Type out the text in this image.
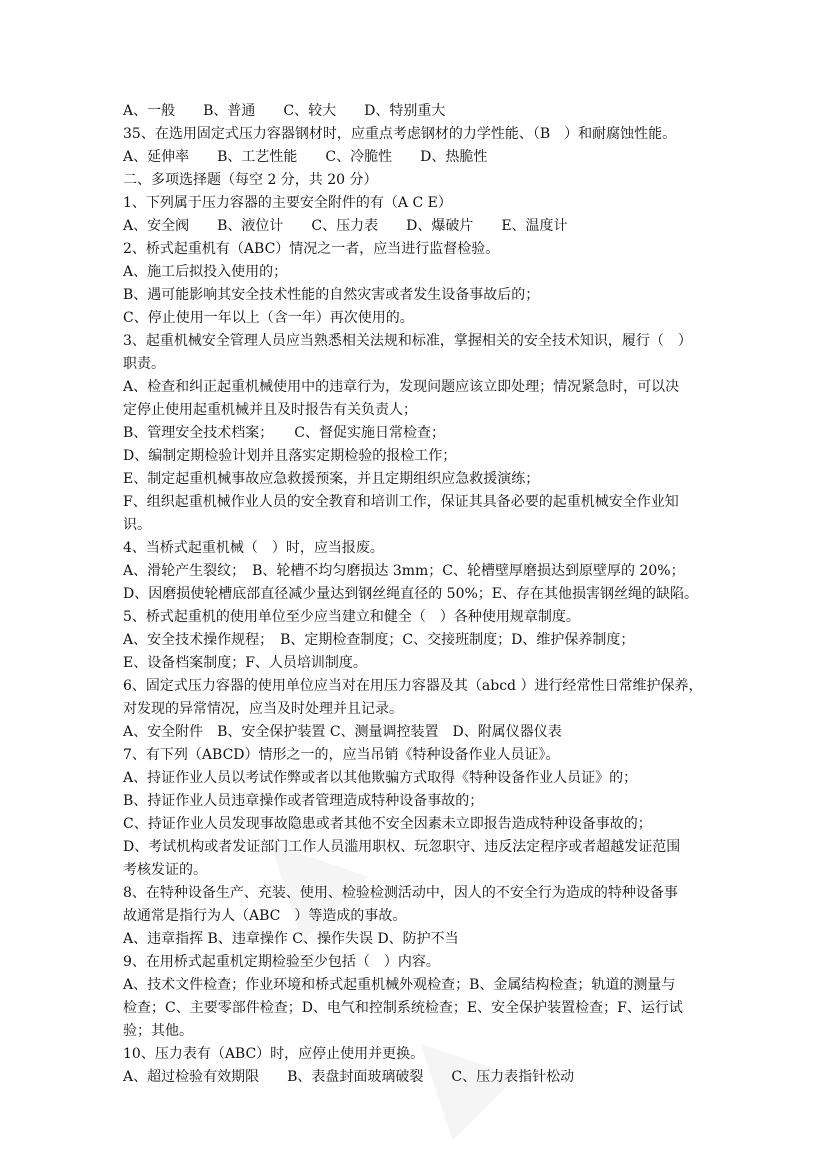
A、一般　　B、普通　　C、较大　　D、特别重大
35、在选用固定式压力容器钢材时，应重点考虑钢材的力学性能、（B　）和耐腐蚀性能。
A、延伸率　　B、工艺性能　　C、冷脆性　　D、热脆性
二、多项选择题（每空 2 分，共 20 分）
1、下列属于压力容器的主要安全附件的有（A C E）
A、安全阀　　B、液位计　　C、压力表　　D、爆破片　　E、温度计
2、桥式起重机有（ABC）情况之一者，应当进行监督检验。
A、施工后拟投入使用的；
B、遇可能影响其安全技术性能的自然灾害或者发生设备事故后的；
C、停止使用一年以上（含一年）再次使用的。
3、起重机械安全管理人员应当熟悉相关法规和标准，掌握相关的安全技术知识，履行（　）
职责。
A、检查和纠正起重机械使用中的违章行为，发现问题应该立即处理；情况紧急时，可以决
定停止使用起重机械并且及时报告有关负责人；
B、管理安全技术档案；　　C、督促实施日常检查；
D、编制定期检验计划并且落实定期检验的报检工作；
E、制定起重机械事故应急救援预案，并且定期组织应急救援演练；
F、组织起重机械作业人员的安全教育和培训工作，保证其具备必要的起重机械安全作业知
识。
4、当桥式起重机械（　）时，应当报废。
A、滑轮产生裂纹；　B、轮槽不均匀磨损达 3mm；C、轮槽壁厚磨损达到原壁厚的 20%；
D、因磨损使轮槽底部直径减少量达到钢丝绳直径的 50%；E、存在其他损害钢丝绳的缺陷。
5、桥式起重机的使用单位至少应当建立和健全（　）各种使用规章制度。
A、安全技术操作规程；　B、定期检查制度；C、交接班制度；D、维护保养制度；
E、设备档案制度；F、人员培训制度。
6、固定式压力容器的使用单位应当对在用压力容器及其（abcd ）进行经常性日常维护保养，
对发现的异常情况，应当及时处理并且记录。
A、安全附件　B、安全保护装置 C、测量调控装置　D、附属仪器仪表
7、有下列（ABCD）情形之一的，应当吊销《特种设备作业人员证》。
A、持证作业人员以考试作弊或者以其他欺骗方式取得《特种设备作业人员证》的；
B、持证作业人员违章操作或者管理造成特种设备事故的；
C、持证作业人员发现事故隐患或者其他不安全因素未立即报告造成特种设备事故的；
D、考试机构或者发证部门工作人员滥用职权、玩忽职守、违反法定程序或者超越发证范围
考核发证的。
8、在特种设备生产、充装、使用、检验检测活动中，因人的不安全行为造成的特种设备事
故通常是指行为人（ABC　）等造成的事故。
A、违章指挥 B、违章操作 C、操作失误 D、防护不当
9、在用桥式起重机定期检验至少包括（　）内容。
A、技术文件检查；作业环境和桥式起重机械外观检查；B、金属结构检查；轨道的测量与
检查；C、主要零部件检查；D、电气和控制系统检查；E、安全保护装置检查；F、运行试
验；其他。
10、压力表有（ABC）时，应停止使用并更换。
A、超过检验有效期限　　B、表盘封面玻璃破裂　　C、压力表指针松动
